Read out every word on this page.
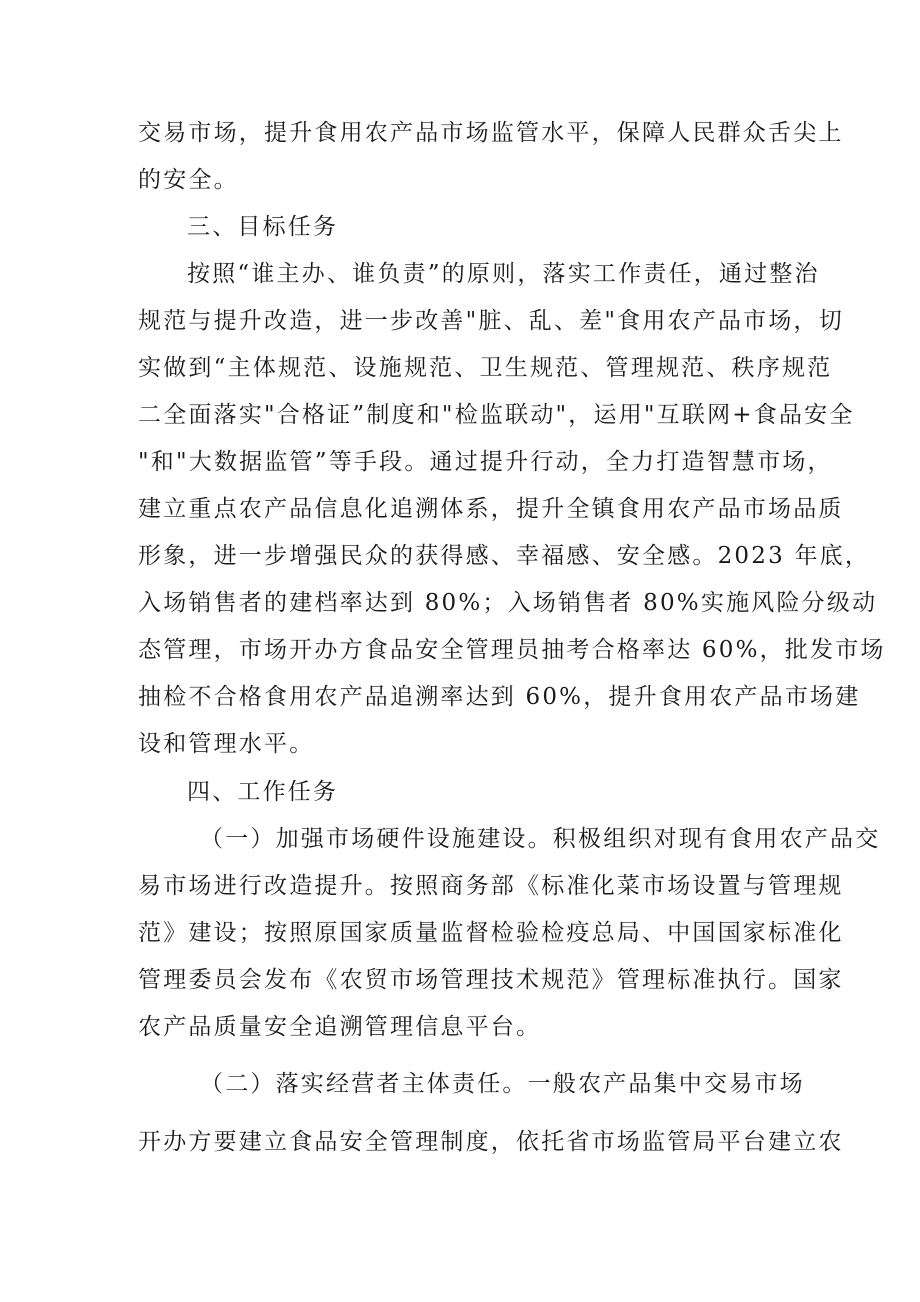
交易市场，提升食用农产品市场监管水平，保障人民群众舌尖上
的安全。
三、目标任务
按照“谁主办、谁负责”的原则，落实工作责任，通过整治
规范与提升改造，进一步改善"脏、乱、差"食用农产品市场，切
实做到“主体规范、设施规范、卫生规范、管理规范、秩序规范
二全面落实"合格证”制度和"检监联动"，运用"互联网+食品安全
"和"大数据监管”等手段。通过提升行动，全力打造智慧市场，
建立重点农产品信息化追溯体系，提升全镇食用农产品市场品质
形象，进一步增强民众的获得感、幸福感、安全感。2023 年底，
入场销售者的建档率达到 80%；入场销售者 80%实施风险分级动
态管理，市场开办方食品安全管理员抽考合格率达 60%，批发市场
抽检不合格食用农产品追溯率达到 60%，提升食用农产品市场建
设和管理水平。
四、工作任务
（一）加强市场硬件设施建设。积极组织对现有食用农产品交
易市场进行改造提升。按照商务部《标准化菜市场设置与管理规
范》建设；按照原国家质量监督检验检疫总局、中国国家标准化
管理委员会发布《农贸市场管理技术规范》管理标准执行。国家
农产品质量安全追溯管理信息平台。
（二）落实经营者主体责任。一般农产品集中交易市场
开办方要建立食品安全管理制度，依托省市场监管局平台建立农
